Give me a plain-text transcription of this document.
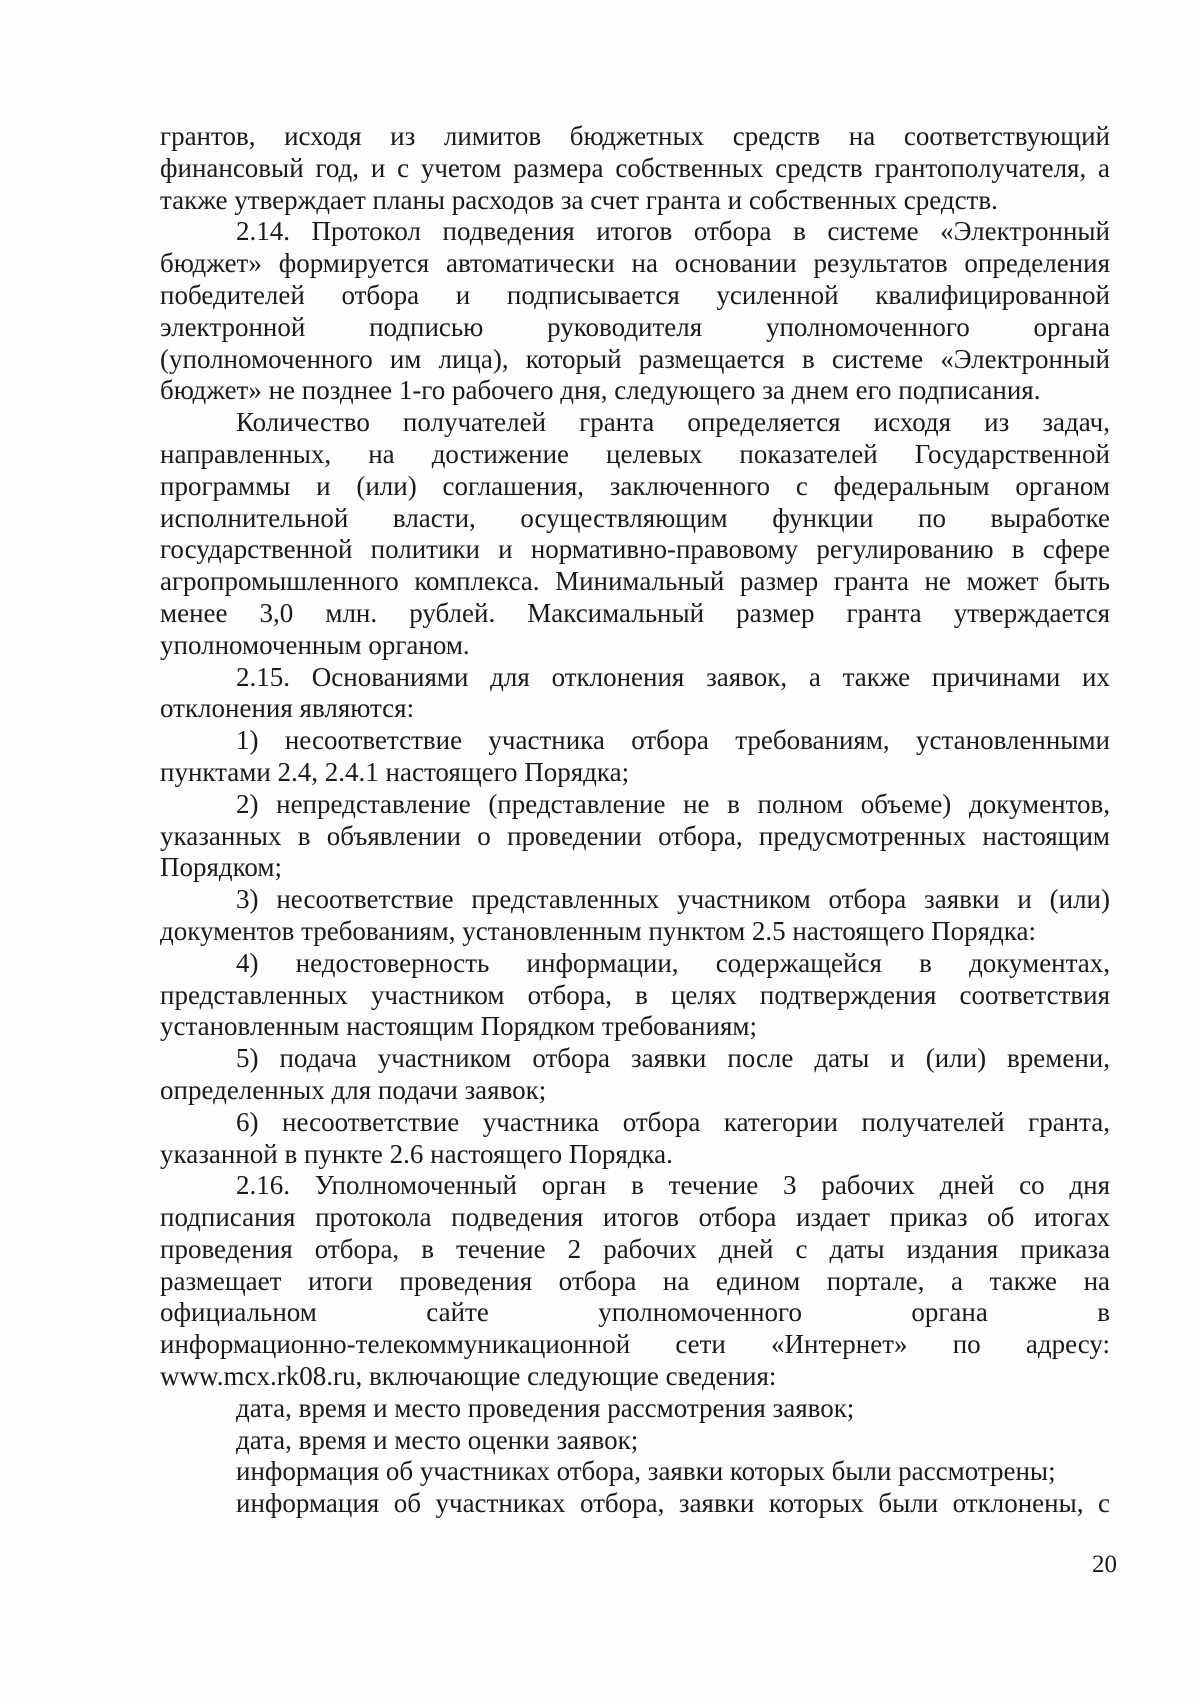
грантов, исходя из лимитов бюджетных средств на соответствующий
финансовый год, и с учетом размера собственных средств грантополучателя, а
также утверждает планы расходов за счет гранта и собственных средств.
2.14. Протокол подведения итогов отбора в системе «Электронный
бюджет» формируется автоматически на основании результатов определения
победителей отбора и подписывается усиленной квалифицированной
электронной подписью руководителя уполномоченного органа
(уполномоченного им лица), который размещается в системе «Электронный
бюджет» не позднее 1-го рабочего дня, следующего за днем его подписания.
Количество получателей гранта определяется исходя из задач,
направленных, на достижение целевых показателей Государственной
программы и (или) соглашения, заключенного с федеральным органом
исполнительной власти, осуществляющим функции по выработке
государственной политики и нормативно-правовому регулированию в сфере
агропромышленного комплекса. Минимальный размер гранта не может быть
менее 3,0 млн. рублей. Максимальный размер гранта утверждается
уполномоченным органом.
2.15. Основаниями для отклонения заявок, а также причинами их
отклонения являются:
1) несоответствие участника отбора требованиям, установленными
пунктами 2.4, 2.4.1 настоящего Порядка;
2) непредставление (представление не в полном объеме) документов,
указанных в объявлении о проведении отбора, предусмотренных настоящим
Порядком;
3) несоответствие представленных участником отбора заявки и (или)
документов требованиям, установленным пунктом 2.5 настоящего Порядка:
4) недостоверность информации, содержащейся в документах,
представленных участником отбора, в целях подтверждения соответствия
установленным настоящим Порядком требованиям;
5) подача участником отбора заявки после даты и (или) времени,
определенных для подачи заявок;
6) несоответствие участника отбора категории получателей гранта,
указанной в пункте 2.6 настоящего Порядка.
2.16. Уполномоченный орган в течение 3 рабочих дней со дня
подписания протокола подведения итогов отбора издает приказ об итогах
проведения отбора, в течение 2 рабочих дней с даты издания приказа
размещает итоги проведения отбора на едином портале, а также на
официальном сайте уполномоченного органа в
информационно-телекоммуникационной сети «Интернет» по адресу:
www.mcx.rk08.ru, включающие следующие сведения:
дата, время и место проведения рассмотрения заявок;
дата, время и место оценки заявок;
информация об участниках отбора, заявки которых были рассмотрены;
информация об участниках отбора, заявки которых были отклонены, с
20
